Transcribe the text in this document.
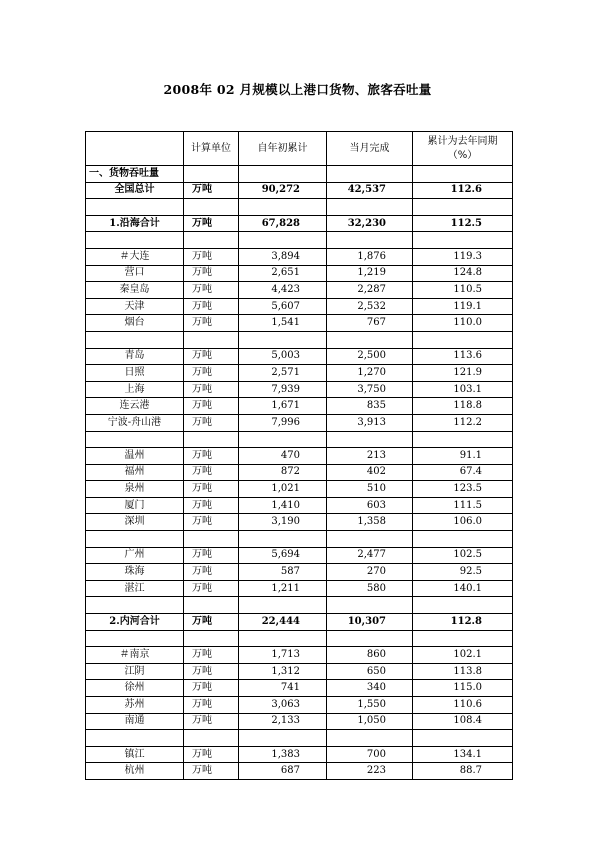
2008年 02 月规模以上港口货物、旅客吞吐量
	计算单位	自年初累计	当月完成	累计为去年同期（%）
一、货物吞吐量				
全国总计	万吨	90,272	42,537	112.6

1.沿海合计	万吨	67,828	32,230	112.5

＃大连	万吨	3,894	1,876	119.3
营口	万吨	2,651	1,219	124.8
秦皇岛	万吨	4,423	2,287	110.5
天津	万吨	5,607	2,532	119.1
烟台	万吨	1,541	767	110.0

青岛	万吨	5,003	2,500	113.6
日照	万吨	2,571	1,270	121.9
上海	万吨	7,939	3,750	103.1
连云港	万吨	1,671	835	118.8
宁波-舟山港	万吨	7,996	3,913	112.2

温州	万吨	470	213	91.1
福州	万吨	872	402	67.4
泉州	万吨	1,021	510	123.5
厦门	万吨	1,410	603	111.5
深圳	万吨	3,190	1,358	106.0

广州	万吨	5,694	2,477	102.5
珠海	万吨	587	270	92.5
湛江	万吨	1,211	580	140.1

2.内河合计	万吨	22,444	10,307	112.8

＃南京	万吨	1,713	860	102.1
江阴	万吨	1,312	650	113.8
徐州	万吨	741	340	115.0
苏州	万吨	3,063	1,550	110.6
南通	万吨	2,133	1,050	108.4

镇江	万吨	1,383	700	134.1
杭州	万吨	687	223	88.7
